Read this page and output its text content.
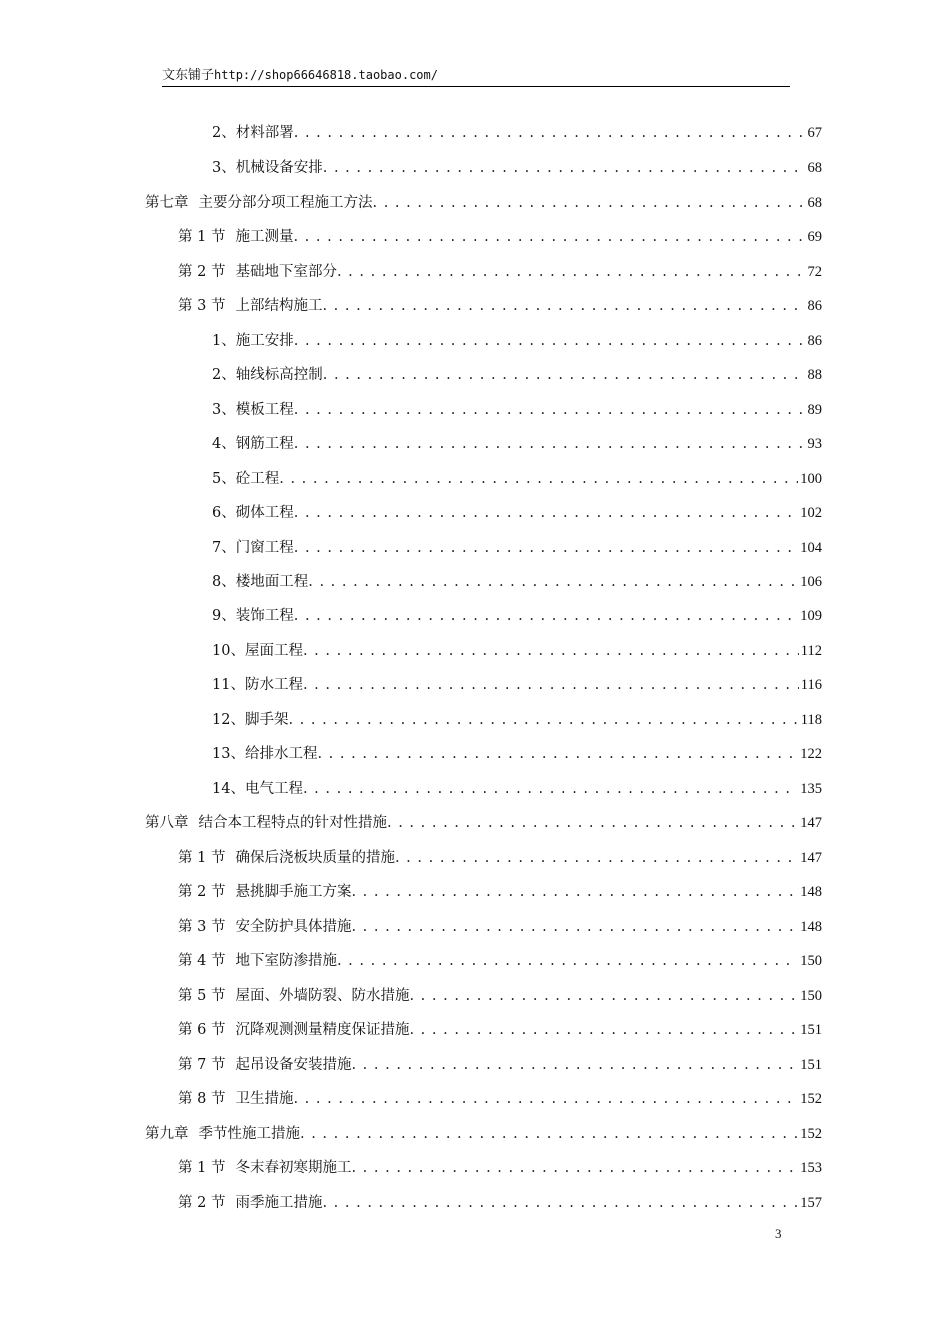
文东铺子http://shop66646818.taobao.com/
2、 材料部署 . . .	67
3、 机械设备安排 . . .	68
第七章 主要分部分项工程施工方法 . . .	68
第 1 节 施工测量 . . .	69
第 2 节 基础地下室部分 . . .	72
第 3 节 上部结构施工 . . .	86
1、 施工安排 . . .	86
2、 轴线标高控制 . . .	88
3、 模板工程 . . .	89
4、 钢筋工程 . . .	93
5、 砼工程 . . .	100
6、 砌体工程 . . .	102
7、 门窗工程 . . .	104
8、 楼地面工程 . . .	106
9、 装饰工程 . . .	109
10、 屋面工程 . . .	112
11、 防水工程 . . .	116
12、 脚手架 . . .	118
13、 给排水工程 . . .	122
14、 电气工程 . . .	135
第八章 结合本工程特点的针对性措施 . . .	147
第 1 节 确保后浇板块质量的措施 . . .	147
第 2 节 悬挑脚手施工方案 . . .	148
第 3 节 安全防护具体措施 . . .	148
第 4 节 地下室防渗措施 . . .	150
第 5 节 屋面、外墙防裂、防水措施 . . .	150
第 6 节 沉降观测测量精度保证措施 . . .	151
第 7 节 起吊设备安装措施 . . .	151
第 8 节 卫生措施 . . .	152
第九章 季节性施工措施 . . .	152
第 1 节 冬末春初寒期施工 . . .	153
第 2 节 雨季施工措施 . . .	157
3
